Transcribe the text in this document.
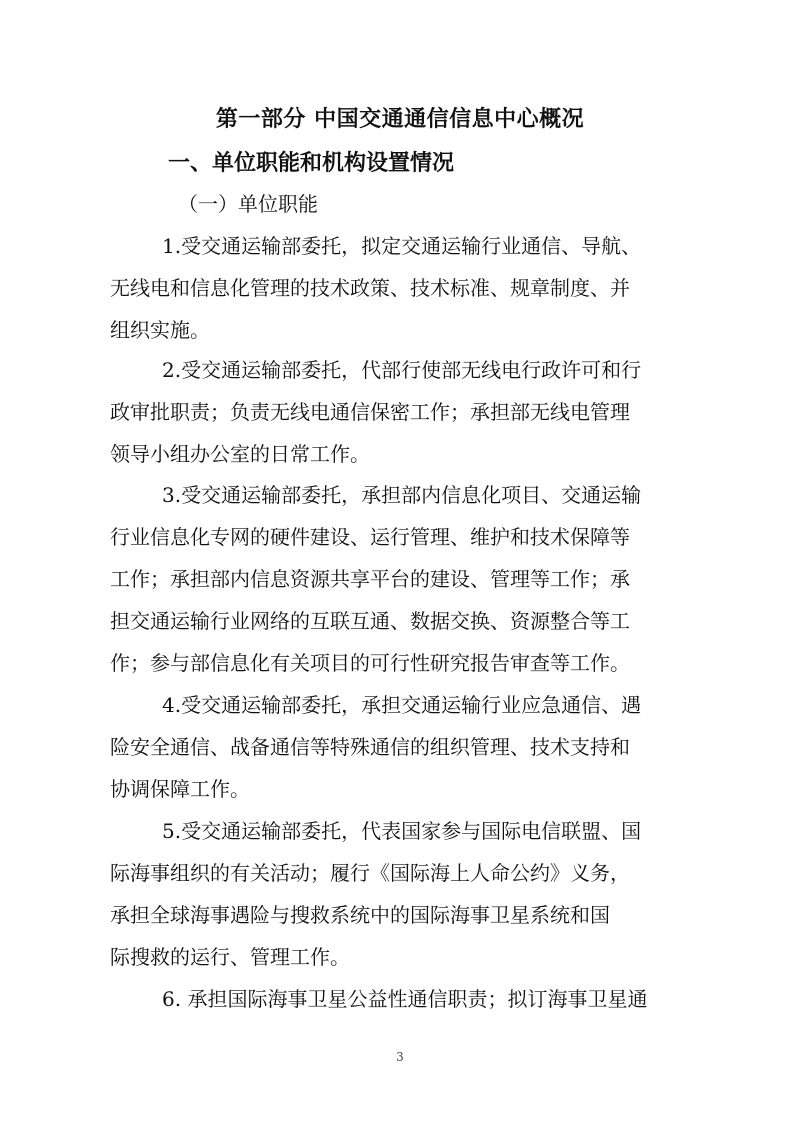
第一部分 中国交通通信信息中心概况
一、单位职能和机构设置情况
（一）单位职能
1.受交通运输部委托，拟定交通运输行业通信、导航、
无线电和信息化管理的技术政策、技术标准、规章制度、并
组织实施。
2.受交通运输部委托，代部行使部无线电行政许可和行
政审批职责；负责无线电通信保密工作；承担部无线电管理
领导小组办公室的日常工作。
3.受交通运输部委托，承担部内信息化项目、交通运输
行业信息化专网的硬件建设、运行管理、维护和技术保障等
工作；承担部内信息资源共享平台的建设、管理等工作；承
担交通运输行业网络的互联互通、数据交换、资源整合等工
作；参与部信息化有关项目的可行性研究报告审查等工作。
4.受交通运输部委托，承担交通运输行业应急通信、遇
险安全通信、战备通信等特殊通信的组织管理、技术支持和
协调保障工作。
5.受交通运输部委托，代表国家参与国际电信联盟、国
际海事组织的有关活动；履行《国际海上人命公约》义务，
承担全球海事遇险与搜救系统中的国际海事卫星系统和国
际搜救的运行、管理工作。
6. 承担国际海事卫星公益性通信职责；拟订海事卫星通
3
